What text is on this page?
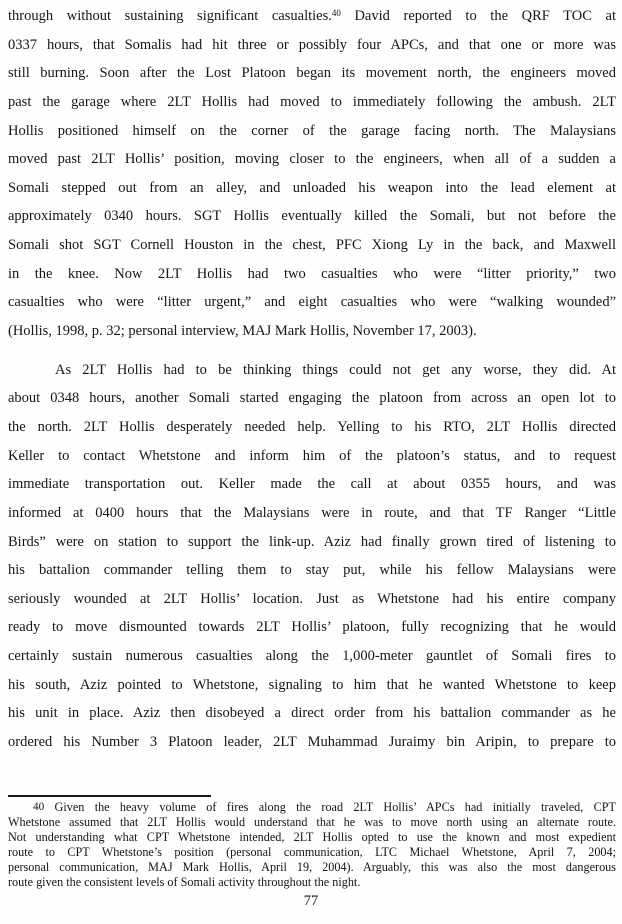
through without sustaining significant casualties.$^{40}$ David reported to the QRF TOC at
0337 hours, that Somalis had hit three or possibly four APCs, and that one or more was
still burning. Soon after the Lost Platoon began its movement north, the engineers moved
past the garage where 2LT Hollis had moved to immediately following the ambush. 2LT
Hollis positioned himself on the corner of the garage facing north. The Malaysians
moved past 2LT Hollis’ position, moving closer to the engineers, when all of a sudden a
Somali stepped out from an alley, and unloaded his weapon into the lead element at
approximately 0340 hours. SGT Hollis eventually killed the Somali, but not before the
Somali shot SGT Cornell Houston in the chest, PFC Xiong Ly in the back, and Maxwell
in the knee. Now 2LT Hollis had two casualties who were “litter priority,” two
casualties who were “litter urgent,” and eight casualties who were “walking wounded”
(Hollis, 1998, p. 32; personal interview, MAJ Mark Hollis, November 17, 2003).
As 2LT Hollis had to be thinking things could not get any worse, they did. At
about 0348 hours, another Somali started engaging the platoon from across an open lot to
the north. 2LT Hollis desperately needed help. Yelling to his RTO, 2LT Hollis directed
Keller to contact Whetstone and inform him of the platoon’s status, and to request
immediate transportation out. Keller made the call at about 0355 hours, and was
informed at 0400 hours that the Malaysians were in route, and that TF Ranger “Little
Birds” were on station to support the link-up. Aziz had finally grown tired of listening to
his battalion commander telling them to stay put, while his fellow Malaysians were
seriously wounded at 2LT Hollis’ location. Just as Whetstone had his entire company
ready to move dismounted towards 2LT Hollis’ platoon, fully recognizing that he would
certainly sustain numerous casualties along the 1,000-meter gauntlet of Somali fires to
his south, Aziz pointed to Whetstone, signaling to him that he wanted Whetstone to keep
his unit in place. Aziz then disobeyed a direct order from his battalion commander as he
ordered his Number 3 Platoon leader, 2LT Muhammad Juraimy bin Aripin, to prepare to
$^{40}$ Given the heavy volume of fires along the road 2LT Hollis’ APCs had initially traveled, CPT
Whetstone assumed that 2LT Hollis would understand that he was to move north using an alternate route.
Not understanding what CPT Whetstone intended, 2LT Hollis opted to use the known and most expedient
route to CPT Whetstone’s position (personal communication, LTC Michael Whetstone, April 7, 2004;
personal communication, MAJ Mark Hollis, April 19, 2004). Arguably, this was also the most dangerous
route given the consistent levels of Somali activity throughout the night.
77
